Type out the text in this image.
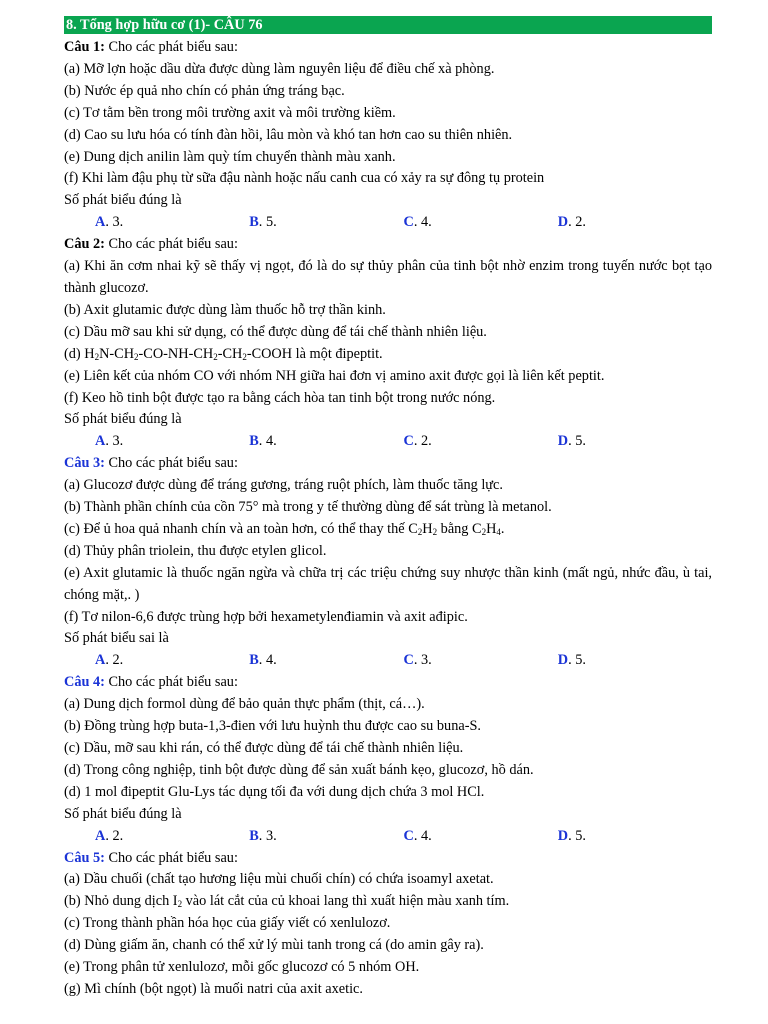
8. Tổng hợp hữu cơ (1)- CÂU 76
Câu 1: Cho các phát biểu sau:
(a) Mỡ lợn hoặc dầu dừa được dùng làm nguyên liệu để điều chế xà phòng.
(b) Nước ép quả nho chín có phản ứng tráng bạc.
(c) Tơ tằm bền trong môi trường axit và môi trường kiềm.
(d) Cao su lưu hóa có tính đàn hồi, lâu mòn và khó tan hơn cao su thiên nhiên.
(e) Dung dịch anilin làm quỳ tím chuyển thành màu xanh.
(f) Khi làm đậu phụ từ sữa đậu nành hoặc nấu canh cua có xảy ra sự đông tụ protein
Số phát biểu đúng là
A. 3.	B. 5.	C. 4.	D. 2.
Câu 2: Cho các phát biểu sau:
(a) Khi ăn cơm nhai kỹ sẽ thấy vị ngọt, đó là do sự thủy phân của tinh bột nhờ enzim trong tuyến nước bọt tạo thành glucozơ.
(b) Axit glutamic được dùng làm thuốc hỗ trợ thần kinh.
(c) Dầu mỡ sau khi sử dụng, có thể được dùng để tái chế thành nhiên liệu.
(d) $H_2N-CH_2-CO-NH-CH_2-CH_2$-COOH là một đipeptit.
(e) Liên kết của nhóm CO với nhóm NH giữa hai đơn vị amino axit được gọi là liên kết peptit.
(f) Keo hồ tinh bột được tạo ra bằng cách hòa tan tinh bột trong nước nóng.
Số phát biểu đúng là
A. 3.	B. 4.	C. 2.	D. 5.
Câu 3: Cho các phát biểu sau:
(a) Glucozơ được dùng để tráng gương, tráng ruột phích, làm thuốc tăng lực.
(b) Thành phần chính của cồn 75° mà trong y tế thường dùng để sát trùng là metanol.
(c) Để ủ hoa quả nhanh chín và an toàn hơn, có thể thay thế $C_2H_2$ bằng $C_2H_4$.
(d) Thủy phân triolein, thu được etylen glicol.
(e) Axit glutamic là thuốc ngăn ngừa và chữa trị các triệu chứng suy nhược thần kinh (mất ngủ, nhức đầu, ù tai, chóng mặt,. )
(f) Tơ nilon-6,6 được trùng hợp bởi hexametylenđiamin và axit ađipic.
Số phát biểu sai là
A. 2.	B. 4.	C. 3.	D. 5.
Câu 4: Cho các phát biểu sau:
(a) Dung dịch formol dùng để bảo quản thực phẩm (thịt, cá…).
(b) Đồng trùng hợp buta-1,3-đien với lưu huỳnh thu được cao su buna-S.
(c) Dầu, mỡ sau khi rán, có thể được dùng để tái chế thành nhiên liệu.
(d) Trong công nghiệp, tinh bột được dùng để sản xuất bánh kẹo, glucozơ, hồ dán.
(d) 1 mol đipeptit Glu-Lys tác dụng tối đa với dung dịch chứa 3 mol HCl.
Số phát biểu đúng là
A. 2.	B. 3.	C. 4.	D. 5.
Câu 5: Cho các phát biểu sau:
(a) Dầu chuối (chất tạo hương liệu mùi chuối chín) có chứa isoamyl axetat.
(b) Nhỏ dung dịch $I_2$ vào lát cắt của củ khoai lang thì xuất hiện màu xanh tím.
(c) Trong thành phần hóa học của giấy viết có xenlulozơ.
(d) Dùng giấm ăn, chanh có thể xử lý mùi tanh trong cá (do amin gây ra).
(e) Trong phân tử xenlulozơ, mỗi gốc glucozơ có 5 nhóm OH.
(g) Mì chính (bột ngọt) là muối natri của axit axetic.
